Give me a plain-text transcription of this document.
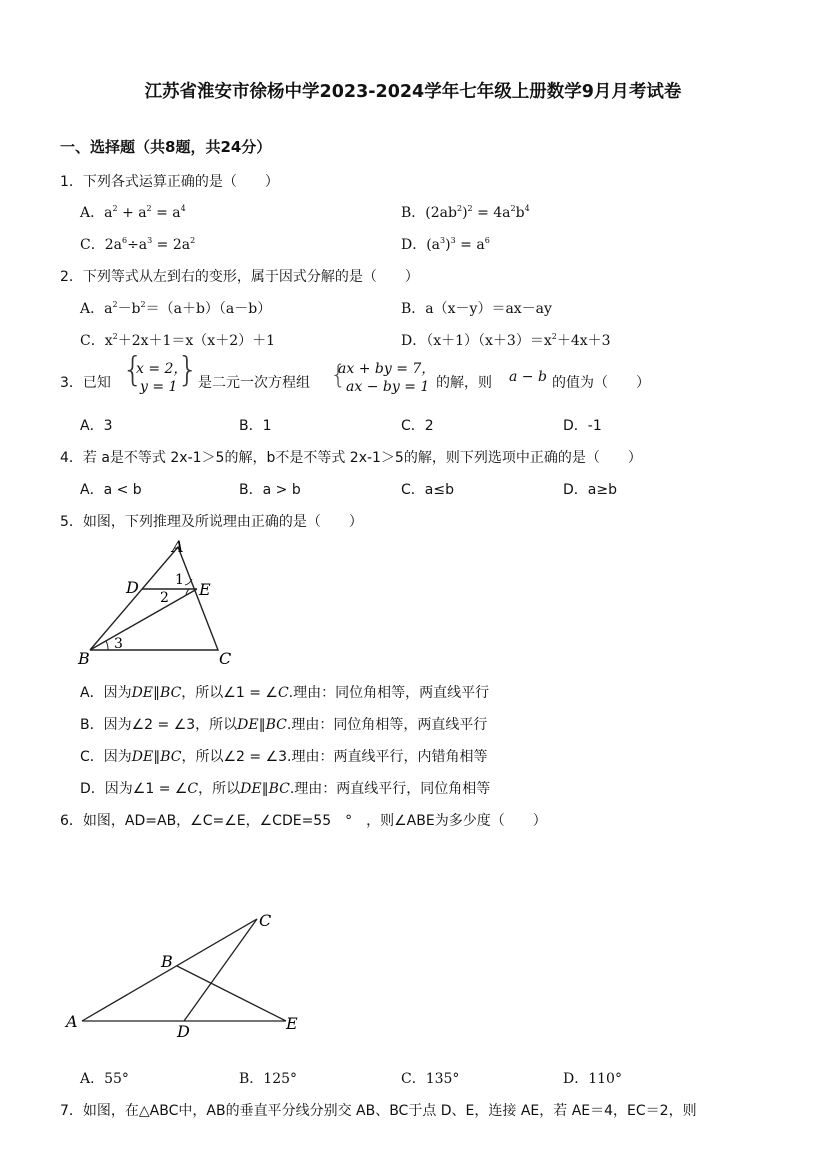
江苏省淮安市徐杨中学2023-2024学年七年级上册数学9月月考试卷
一、选择题（共8题，共24分）
1．下列各式运算正确的是（　　）
A．$a^2 + a^2 = a^4$	B．$(2ab^2)^2 = 4a^2b^4$
C．$2a^6\div a^3 = 2a^2$	D．$(a^3)^3 = a^6$
2．下列等式从左到右的变形，属于因式分解的是（　　）
A．$a^2-b^2=(a+b)(a-b)$	B．a（x－y）＝ax－ay
C．$x^2+2x+1=x(x+2)+1$	D．$(x+1)(x+3)=x^2+4x+3$
3．已知 {
x = 2，
y = 1 } 是二元一次方程组 {
ax + by = 7，
ax − by = 1 的解，则 a − b 的值为（　　）
A．3	B．1	C．2	D．-1
4．若 a是不等式 2x-1＞5的解，b不是不等式 2x-1＞5的解，则下列选项中正确的是（　　）
A．a < b	B．a > b	C．a≤b	D．a≥b
5．如图，下列推理及所说理由正确的是（　　）
A
B	C
D	E
1
2
3
A．因为DE∥BC，所以∠1 = ∠C.理由：同位角相等，两直线平行
B．因为∠2 = ∠3，所以DE∥BC.理由：同位角相等，两直线平行
C．因为DE∥BC，所以∠2 = ∠3.理由：两直线平行，内错角相等
D．因为∠1 = ∠C，所以DE∥BC.理由：两直线平行，同位角相等
6．如图，AD=AB，∠C=∠E，∠CDE=55　°　，则∠ABE为多少度（　　）
A
B
C
D	E
A．55°	B．125°	C．135°	D．110°
7．如图，在△ABC中，AB的垂直平分线分别交 AB、BC于点 D、E，连接 AE，若 AE＝4，EC＝2，则
